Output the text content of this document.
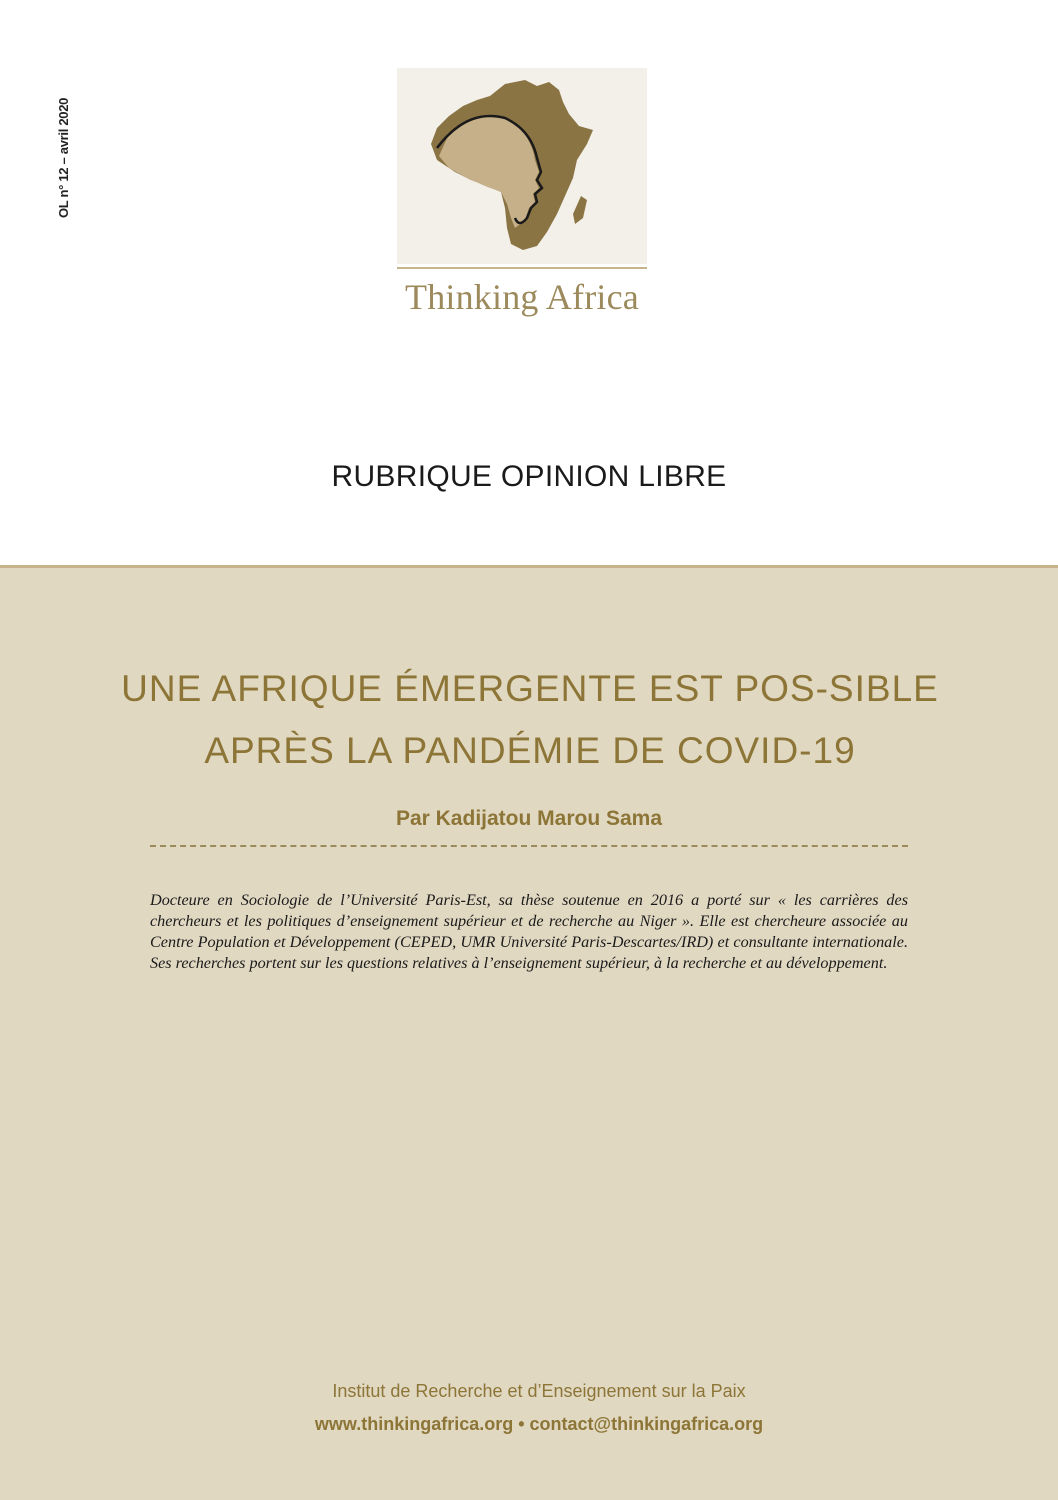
OL n° 12 – avril 2020
Thinking Africa
RUBRIQUE OPINION LIBRE
UNE AFRIQUE ÉMERGENTE EST POS-SIBLE APRÈS LA PANDÉMIE DE COVID-19
Par Kadijatou Marou Sama

Docteure en Sociologie de l’Université Paris-Est, sa thèse soutenue en 2016 a porté sur « les carrières des chercheurs et les politiques d’enseignement supérieur et de recherche au Niger ». Elle est chercheure associée au Centre Population et Développement (CEPED, UMR Université Paris-Descartes/IRD) et consultante internationale. Ses recherches portent sur les questions relatives à l’enseignement supérieur, à la recherche et au développement.

Institut de Recherche et d’Enseignement sur la Paix
www.thinkingafrica.org • contact@thinkingafrica.org
